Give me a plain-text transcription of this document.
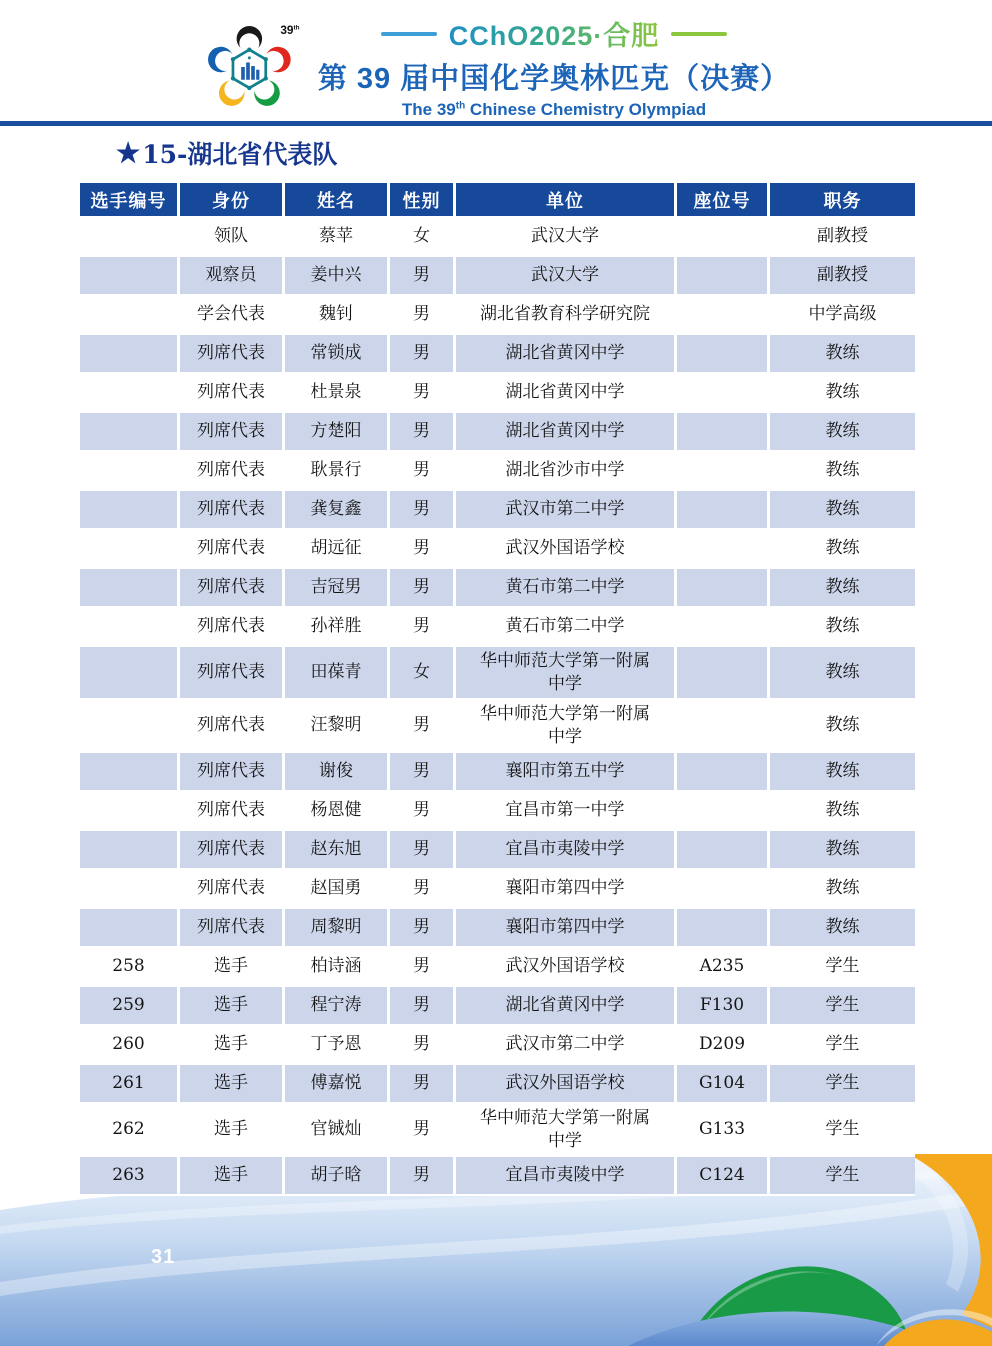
39th	CChO2025·合肥
第 39 届中国化学奥林匹克（决赛）
The 39th Chinese Chemistry Olympiad
★ 15-湖北省代表队
选手编号	身份	姓名	性别	单位	座位号	职务
	领队	蔡苹	女	武汉大学		副教授
	观察员	姜中兴	男	武汉大学		副教授
	学会代表	魏钊	男	湖北省教育科学研究院		中学高级
	列席代表	常锁成	男	湖北省黄冈中学		教练
	列席代表	杜景泉	男	湖北省黄冈中学		教练
	列席代表	方楚阳	男	湖北省黄冈中学		教练
	列席代表	耿景行	男	湖北省沙市中学		教练
	列席代表	龚复鑫	男	武汉市第二中学		教练
	列席代表	胡远征	男	武汉外国语学校		教练
	列席代表	吉冠男	男	黄石市第二中学		教练
	列席代表	孙祥胜	男	黄石市第二中学		教练
	列席代表	田葆青	女	华中师范大学第一附属中学		教练
	列席代表	汪黎明	男	华中师范大学第一附属中学		教练
	列席代表	谢俊	男	襄阳市第五中学		教练
	列席代表	杨恩健	男	宜昌市第一中学		教练
	列席代表	赵东旭	男	宜昌市夷陵中学		教练
	列席代表	赵国勇	男	襄阳市第四中学		教练
	列席代表	周黎明	男	襄阳市第四中学		教练
258	选手	柏诗涵	男	武汉外国语学校	A235	学生
259	选手	程宁涛	男	湖北省黄冈中学	F130	学生
260	选手	丁予恩	男	武汉市第二中学	D209	学生
261	选手	傅嘉悦	男	武汉外国语学校	G104	学生
262	选手	官铖灿	男	华中师范大学第一附属中学	G133	学生
263	选手	胡子晗	男	宜昌市夷陵中学	C124	学生
31
